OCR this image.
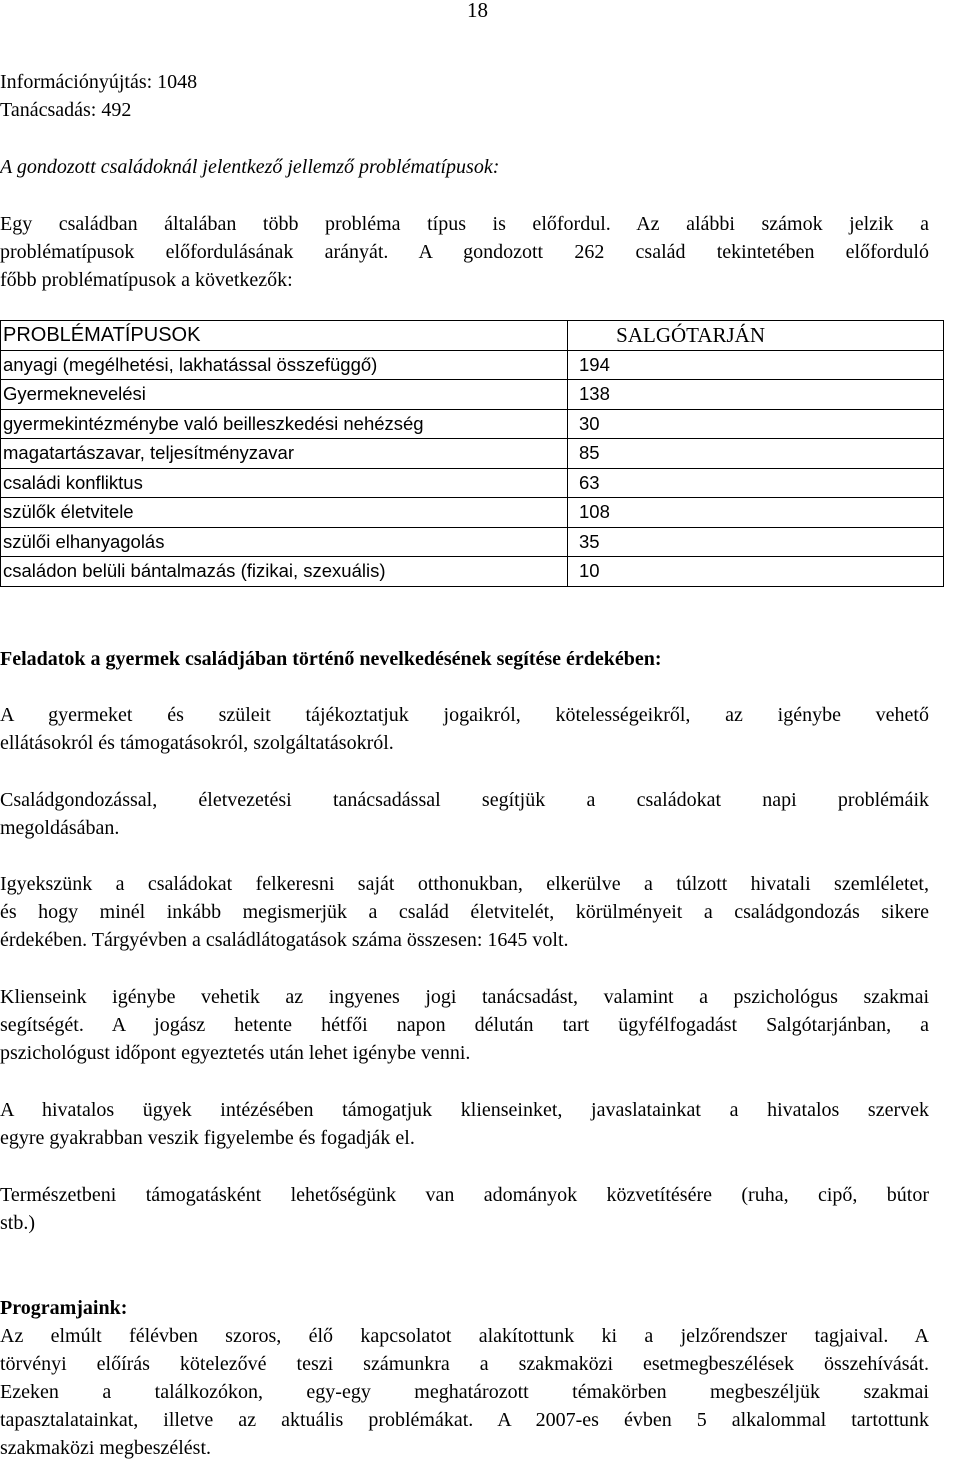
18
Információnyújtás: 1048
Tanácsadás: 492
A gondozott családoknál jelentkező jellemző problématípusok:
Egy családban általában több probléma típus is előfordul. Az alábbi számok jelzik a
problématípusok előfordulásának arányát. A gondozott 262 család tekintetében előforduló
főbb problématípusok a következők:
PROBLÉMATÍPUSOK	SALGÓTARJÁN
anyagi (megélhetési, lakhatással összefüggő)	194
Gyermeknevelési	138
gyermekintézménybe való beilleszkedési nehézség	30
magatartászavar, teljesítményzavar	85
családi konfliktus	63
szülők életvitele	108
szülői elhanyagolás	35
családon belüli bántalmazás (fizikai, szexuális)	10
Feladatok a gyermek családjában történő nevelkedésének segítése érdekében:
A gyermeket és szüleit tájékoztatjuk jogaikról, kötelességeikről, az igénybe vehető
ellátásokról és támogatásokról, szolgáltatásokról.
Családgondozással, életvezetési tanácsadással segítjük a családokat napi problémáik
megoldásában.
Igyekszünk a családokat felkeresni saját otthonukban, elkerülve a túlzott hivatali szemléletet,
és hogy minél inkább megismerjük a család életvitelét, körülményeit a családgondozás sikere
érdekében. Tárgyévben a családlátogatások száma összesen: 1645 volt.
Klienseink igénybe vehetik az ingyenes jogi tanácsadást, valamint a pszichológus szakmai
segítségét. A jogász hetente hétfői napon délután tart ügyfélfogadást Salgótarjánban, a
pszichológust időpont egyeztetés után lehet igénybe venni.
A hivatalos ügyek intézésében támogatjuk klienseinket, javaslatainkat a hivatalos szervek
egyre gyakrabban veszik figyelembe és fogadják el.
Természetbeni támogatásként lehetőségünk van adományok közvetítésére (ruha, cipő, bútor
stb.)
Programjaink:
Az elmúlt félévben szoros, élő kapcsolatot alakítottunk ki a jelzőrendszer tagjaival. A
törvényi előírás kötelezővé teszi számunkra a szakmaközi esetmegbeszélések összehívását.
Ezeken a találkozókon, egy-egy meghatározott témakörben megbeszéljük szakmai
tapasztalatainkat, illetve az aktuális problémákat. A 2007-es évben 5 alkalommal tartottunk
szakmaközi megbeszélést.
